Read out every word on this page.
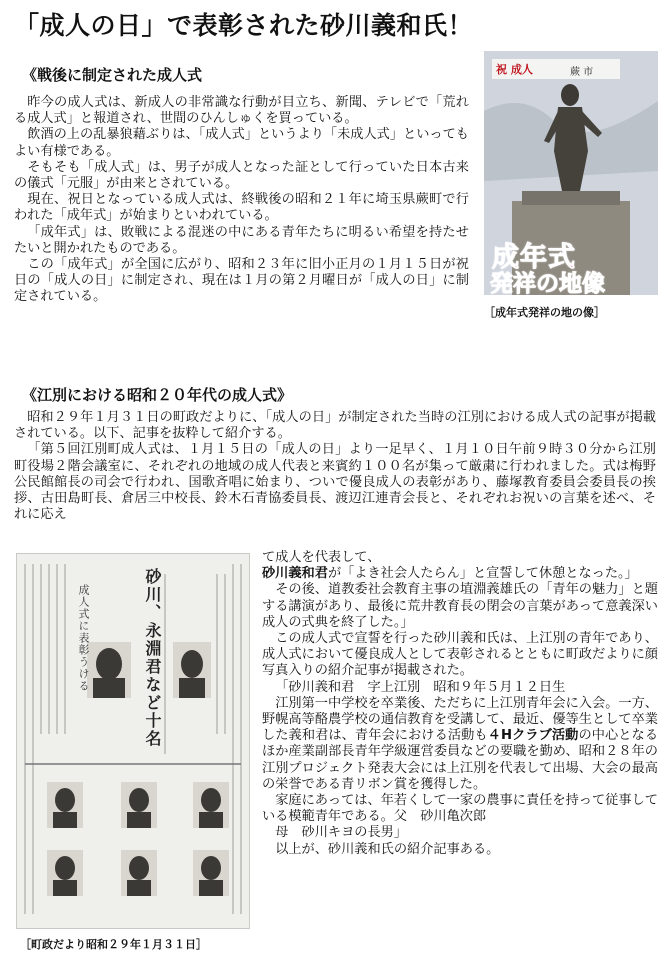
「成人の日」で表彰された砂川義和氏！
《戦後に制定された成人式

昨今の成人式は、新成人の非常識な行動が目立ち、新聞、テレビで「荒れる成人式」と報道され、世間のひんしゅくを買っている。

飲酒の上の乱暴狼藉ぶりは、「成人式」というより「未成人式」といってもよい有様である。

そもそも「成人式」は、男子が成人となった証として行っていた日本古来の儀式「元服」が由来とされている。

現在、祝日となっている成人式は、終戦後の昭和２１年に埼玉県蕨町で行われた「成年式」が始まりといわれている。

「成年式」は、敗戦による混迷の中にある青年たちに明るい希望を持たせたいと開かれたものである。

この「成年式」が全国に広がり、昭和２３年に旧小正月の１月１５日が祝日の「成人の日」に制定され、現在は１月の第２月曜日が「成人の日」に制定されている。

祝 成人	蕨 市
成年式
発祥の地像
［成年式発祥の地の像］
《江別における昭和２０年代の成人式》

昭和２９年１月３１日の町政だよりに、「成人の日」が制定された当時の江別における成人式の記事が掲載されている。以下、記事を抜粋して紹介する。

「第５回江別町成人式は、１月１５日の「成人の日」より一足早く、１月１０日午前９時３０分から江別町役場２階会議室に、それぞれの地域の成人代表と来賓約１００名が集って厳粛に行われました。式は梅野公民館館長の司会で行われ、国歌斉唱に始まり、ついで優良成人の表彰があり、藤塚教育委員会委員長の挨拶、古田島町長、倉居三中校長、鈴木石青協委員長、渡辺江連青会長と、それぞれお祝いの言葉を述べ、それに応え

砂川、永淵君など十名
成人式に表彰うける
［町政だより昭和２９年１月３１日］

て成人を代表して、
砂川義和君が「よき社会人たらん」と宣誓して休憩となった。」

その後、道教委社会教育主事の埴淵義雄氏の「青年の魅力」と題する講演があり、最後に荒井教育長の閉会の言葉があって意義深い成人の式典を終了した。」

この成人式で宣誓を行った砂川義和氏は、上江別の青年であり、成人式において優良成人として表彰されるとともに町政だよりに顔写真入りの紹介記事が掲載された。

「砂川義和君　字上江別　昭和９年５月１２日生

江別第一中学校を卒業後、ただちに上江別青年会に入会。一方、野幌高等酪農学校の通信教育を受講して、最近、優等生として卒業した義和君は、青年会における活動も４Hクラブ活動の中心となるほか産業副部長青年学級運営委員などの要職を勤め、昭和２８年の江別プロジェクト発表大会には上江別を代表して出場、大会の最高の栄誉である青リボン賞を獲得した。

家庭にあっては、年若くして一家の農事に責任を持って従事している模範青年である。父　砂川亀次郎

母　砂川キヨの長男」

以上が、砂川義和氏の紹介記事ある。
